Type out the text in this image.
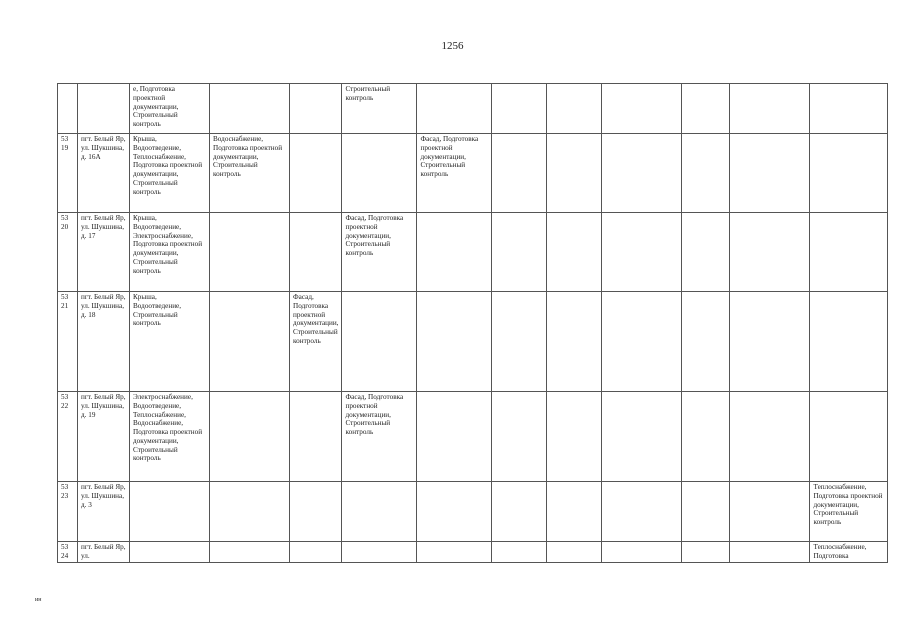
1256
		е, Подготовка проектной документации, Строительный контроль			Строительный контроль							
53 19	пгт. Белый Яр, ул. Шукшина, д. 16А	Крыша, Водоотведение, Теплоснабжение, Подготовка проектной документации, Строительный контроль	Водоснабжение, Подготовка проектной документации, Строительный контроль			Фасад, Подготовка проектной документации, Строительный контроль						
53 20	пгт. Белый Яр, ул. Шукшина, д. 17	Крыша, Водоотведение, Электроснабжение, Подготовка проектной документации, Строительный контроль			Фасад, Подготовка проектной документации, Строительный контроль							
53 21	пгт. Белый Яр, ул. Шукшина, д. 18	Крыша, Водоотведение, Строительный контроль		Фасад, Подготовка проектной документации, Строительный контроль								
53 22	пгт. Белый Яр, ул. Шукшина, д. 19	Электроснабжение, Водоотведение, Теплоснабжение, Водоснабжение, Подготовка проектной документации, Строительный контроль			Фасад, Подготовка проектной документации, Строительный контроль							
53 23	пгт. Белый Яр, ул. Шукшина, д. 3											Теплоснабжение, Подготовка проектной документации, Строительный контроль
53 24	пгт. Белый Яр, ул.											Теплоснабжение, Подготовка
ин
